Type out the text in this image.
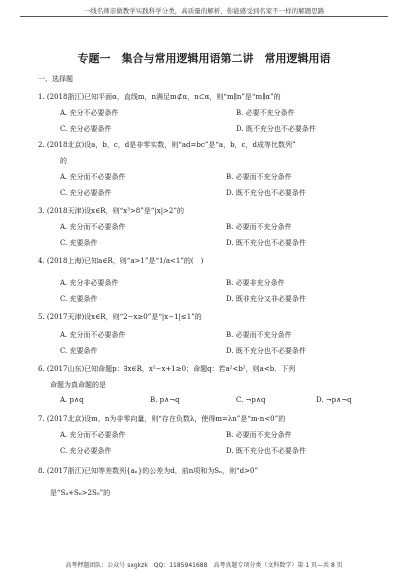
一线名师亲做教学实践科学分类，高质量的解析，你能感受到名家不一样的解题思路
专题一　集合与常用逻辑用语第二讲　常用逻辑用语
一、选择题
1. (2018浙江)已知平面α，直线m，n满足m⊄α，n⊂α，则“m∥n”是“m∥α”的
A. 充分不必要条件	B. 必要不充分条件
C. 充分必要条件	D. 既不充分也不必要条件
2. (2018北京)设a，b，c，d是非零实数，则“ad=bc”是“a，b，c，d成等比数列”
的
A. 充分而不必要条件	B. 必要而不充分条件
C. 充分必要条件	D. 既不充分也不必要条件
3. (2018天津)设x∈R，则“x³>8”是“|x|>2”的
A. 充分而不必要条件	B. 必要而不充分条件
C. 充要条件	D. 既不充分也不必要条件
4. (2018上海)已知a∈R，则“a>1”是“1/a<1”的(　)
A. 充分非必要条件	B. 必要非充分条件
C. 充要条件	D. 既非充分又非必要条件
5. (2017天津)设x∈R，则“2−x≥0”是“|x−1|≤1”的
A. 充分而不必要条件	B. 必要而不充分条件
C. 充要条件	D. 既不充分也不必要条件
6. (2017山东)已知命题p：∃x∈R，x²−x+1≥0；命题q：若a²<b²，则a<b．下列
命题为真命题的是
A. p∧q	B. p∧¬q	C. ¬p∧q	D. ¬p∧¬q
7. (2017北京)设m，n为非零向量，则“存在负数λ，使得m=λn”是“m·n<0”的
A. 充分而不必要条件	B. 必要而不充分条件
C. 充分必要条件	D. 既不充分也不必要条件
8. (2017浙江)已知等差数列{aₙ}的公差为d，前n项和为Sₙ，则“d>0”
是“S₄+S₆>2S₅”的
高考押题团队：公众号 sxgkzk　QQ：1185941688　高考真题专项分类（文科数学）第 1 页—共 8 页
